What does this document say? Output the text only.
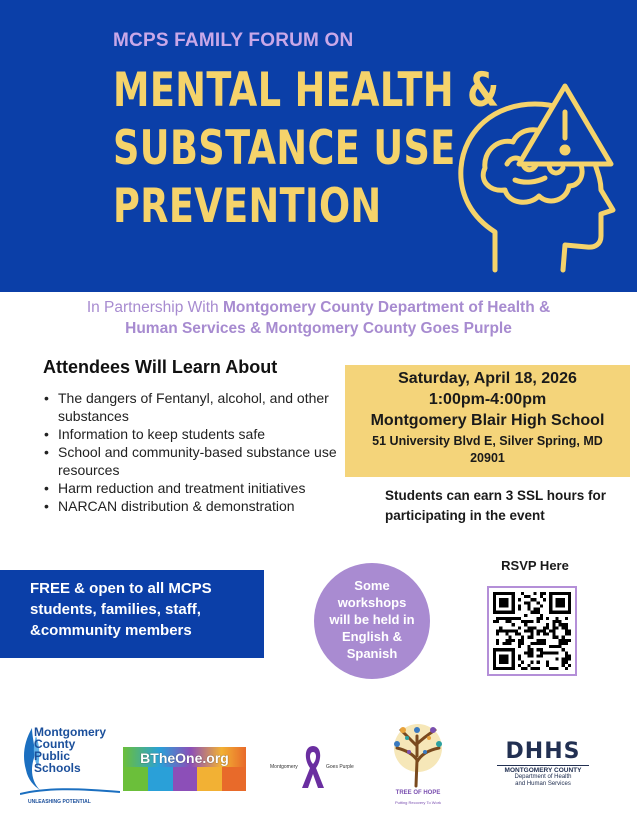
MCPS FAMILY FORUM ON
MENTAL HEALTH &
SUBSTANCE USE
PREVENTION
In Partnership With Montgomery County Department of Health &
Human Services & Montgomery County Goes Purple
Attendees Will Learn About
• The dangers of Fentanyl, alcohol, and other substances
• Information to keep students safe
• School and community-based substance use resources
• Harm reduction and treatment initiatives
• NARCAN distribution & demonstration
Saturday, April 18, 2026
1:00pm-4:00pm
Montgomery Blair High School
51 University Blvd E, Silver Spring, MD 20901
Students can earn 3 SSL hours for participating in the event
FREE & open to all MCPS
students, families, staff,
&community members
Some workshops will be held in English & Spanish
RSVP Here
Montgomery
County
Public
Schools
UNLEASHING POTENTIAL
BTheOne.org
Montgomery	Goes Purple
TREE OF HOPE
Putting Recovery To Work
DHHS
MONTGOMERY COUNTY
Department of Health
and Human Services
